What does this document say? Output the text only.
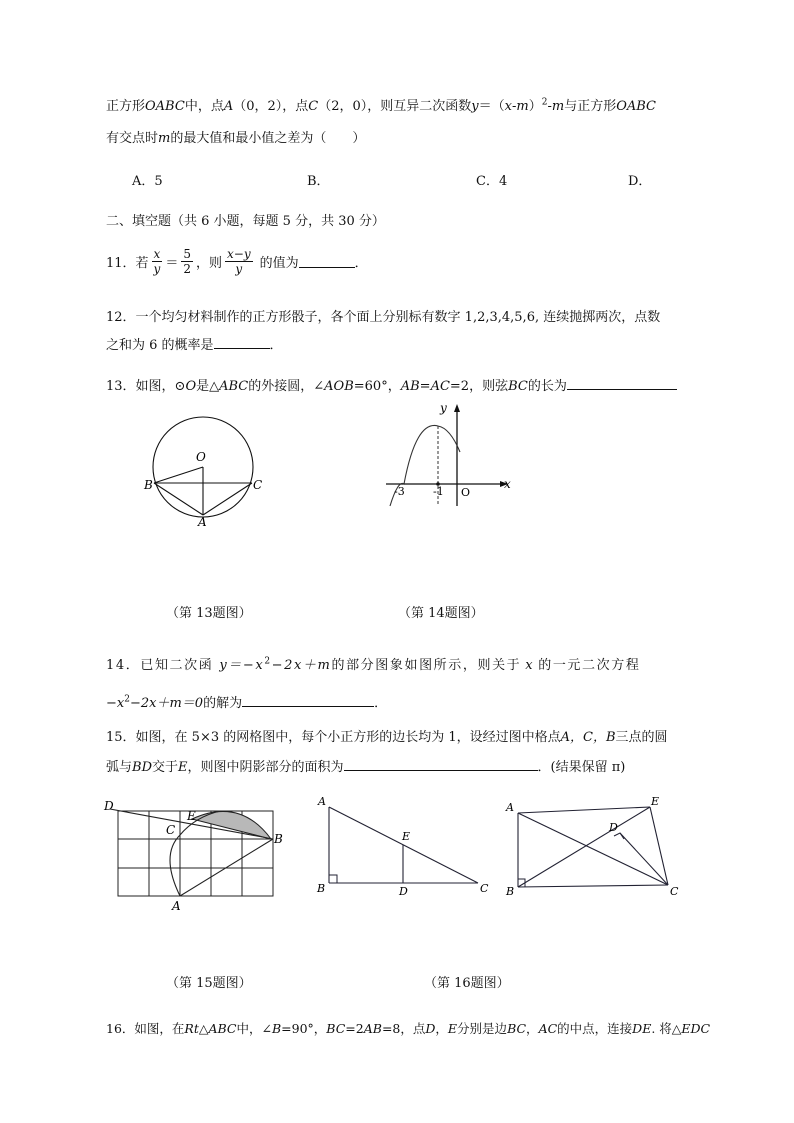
正方形OABC中，点A（0，2），点C（2，0），则互异二次函数$y=(x-m)^2-m$与正方形OABC
有交点时m的最大值和最小值之差为（　　）
A．5	B．	C．4	D．
二、填空题（共 6 小题，每题 5 分，共 30 分）
11．若 $\frac{x}{y} = \frac{5}{2}$ ，则 $\frac{x-y}{y}$ 的值为	．
12．一个均匀材料制作的正方形骰子，各个面上分别标有数字 1,2,3,4,5,6, 连续抛掷两次，点数
之和为 6 的概率是	．
13．如图，⊙O是△ABC的外接圆，∠AOB=60°，AB=AC=2，则弦BC的长为
O
B	C
A
y
x
-3	-1 O
（第 13题图）	（第 14题图）
14．已知二次函 $y=-x^2-2x+m$的部分图象如图所示，则关于 x 的一元二次方程
$-x^2-2x+m=0$的解为	．
15．如图，在 5×3 的网格图中，每个小正方形的边长均为 1，设经过图中格点A，C，B三点的圆
弧与BD交于E，则图中阴影部分的面积为	．(结果保留 π)
D
E
C
B
A
A
E
B	D	C
A	E
D
B	C
（第 15题图）	（第 16题图）
16．如图，在Rt△ABC中，∠B=90°，BC=2AB=8，点D，E分别是边BC，AC的中点，连接DE. 将△EDC
